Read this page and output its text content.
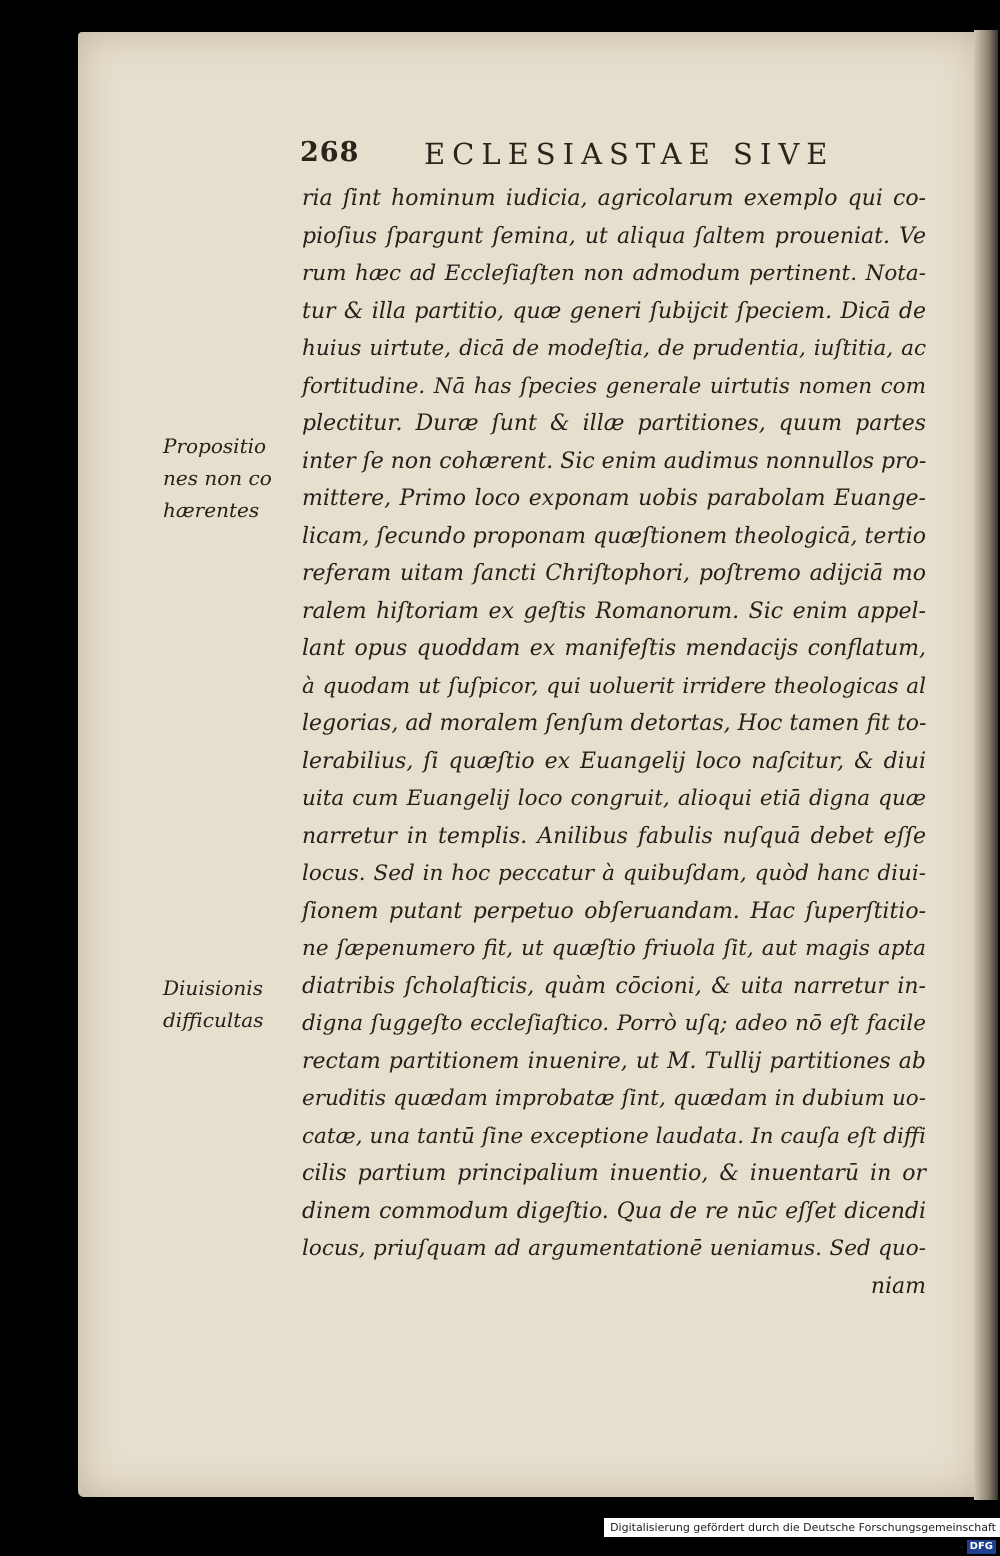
268 ECLESIASTAE SIVE
Propositio
nes non co
hærentes
Diuisionis
difficultas
ria ſint hominum iudicia, agricolarum exemplo qui co-
pioſius ſpargunt ſemina, ut aliqua ſaltem proueniat. Ve
rum hæc ad Eccleſiaſten non admodum pertinent. Nota-
tur & illa partitio, quæ generi ſubijcit ſpeciem. Dicā de
huius uirtute, dicā de modeſtia, de prudentia, iuſtitia, ac
fortitudine. Nā has ſpecies generale uirtutis nomen com
plectitur. Duræ ſunt & illæ partitiones, quum partes
inter ſe non cohærent. Sic enim audimus nonnullos pro-
mittere, Primo loco exponam uobis parabolam Euange-
licam, ſecundo proponam quæſtionem theologicā, tertio
referam uitam ſancti Chriſtophori, poſtremo adijciā mo
ralem hiſtoriam ex geſtis Romanorum. Sic enim appel-
lant opus quoddam ex manifeſtis mendacijs conflatum,
à quodam ut ſuſpicor, qui uoluerit irridere theologicas al
legorias, ad moralem ſenſum detortas, Hoc tamen fit to-
lerabilius, ſi quæſtio ex Euangelij loco naſcitur, & diui
uita cum Euangelij loco congruit, alioqui etiā digna quæ
narretur in templis. Anilibus fabulis nuſquā debet eſſe
locus. Sed in hoc peccatur à quibuſdam, quòd hanc diui-
ſionem putant perpetuo obſeruandam. Hac ſuperſtitio-
ne ſæpenumero fit, ut quæſtio friuola ſit, aut magis apta
diatribis ſcholaſticis, quàm cōcioni, & uita narretur in-
digna ſuggeſto eccleſiaſtico. Porrò uſq; adeo nō eſt facile
rectam partitionem inuenire, ut M. Tullij partitiones ab
eruditis quædam improbatæ ſint, quædam in dubium uo-
catæ, una tantū ſine exceptione laudata. In cauſa eſt diffi
cilis partium principalium inuentio, & inuentarū in or
dinem commodum digeſtio. Qua de re nūc eſſet dicendi
locus, priuſquam ad argumentationē ueniamus. Sed quo-
niam
Digitalisierung gefördert durch die Deutsche Forschungsgemeinschaft - DFG
